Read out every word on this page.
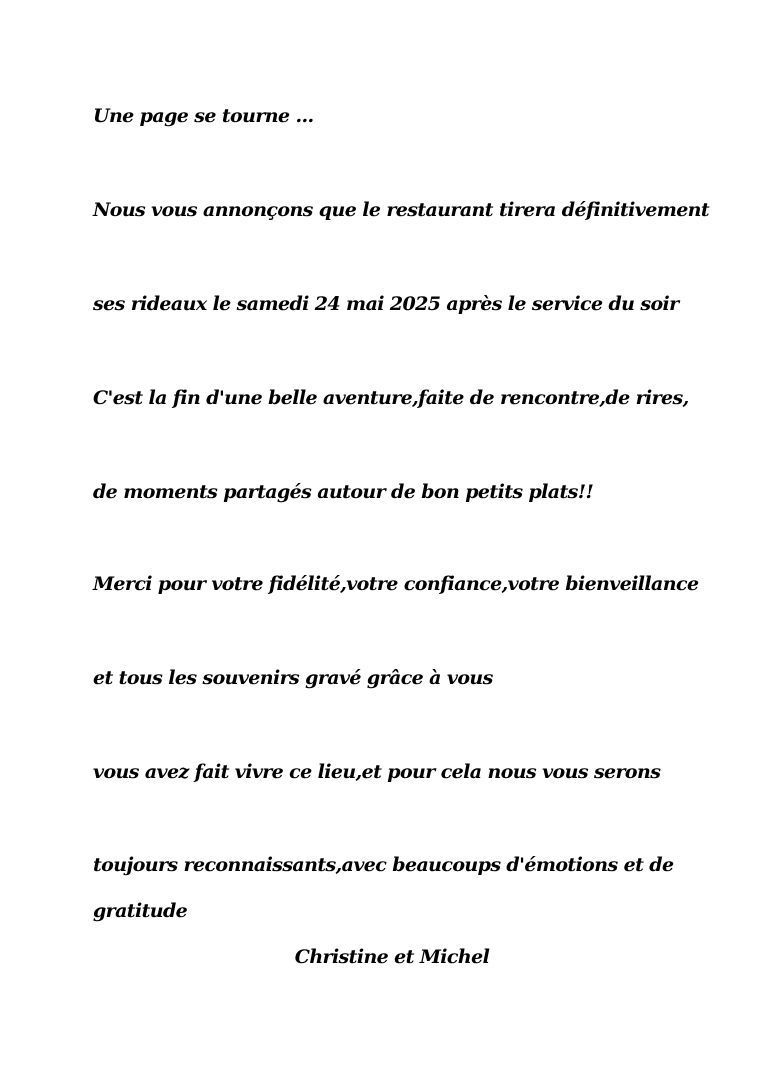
Une page se tourne ...

Nous vous annonçons que le restaurant tirera définitivement

ses rideaux le samedi 24 mai 2025 après le service du soir

C'est la fin d'une belle aventure,faite de rencontre,de rires,

de moments partagés autour de bon petits plats!!

Merci pour votre fidélité,votre confiance,votre bienveillance

et tous les souvenirs gravé grâce à vous

vous avez fait vivre ce lieu,et pour cela nous vous serons

toujours reconnaissants,avec beaucoups d'émotions et de

gratitude

Christine et Michel
